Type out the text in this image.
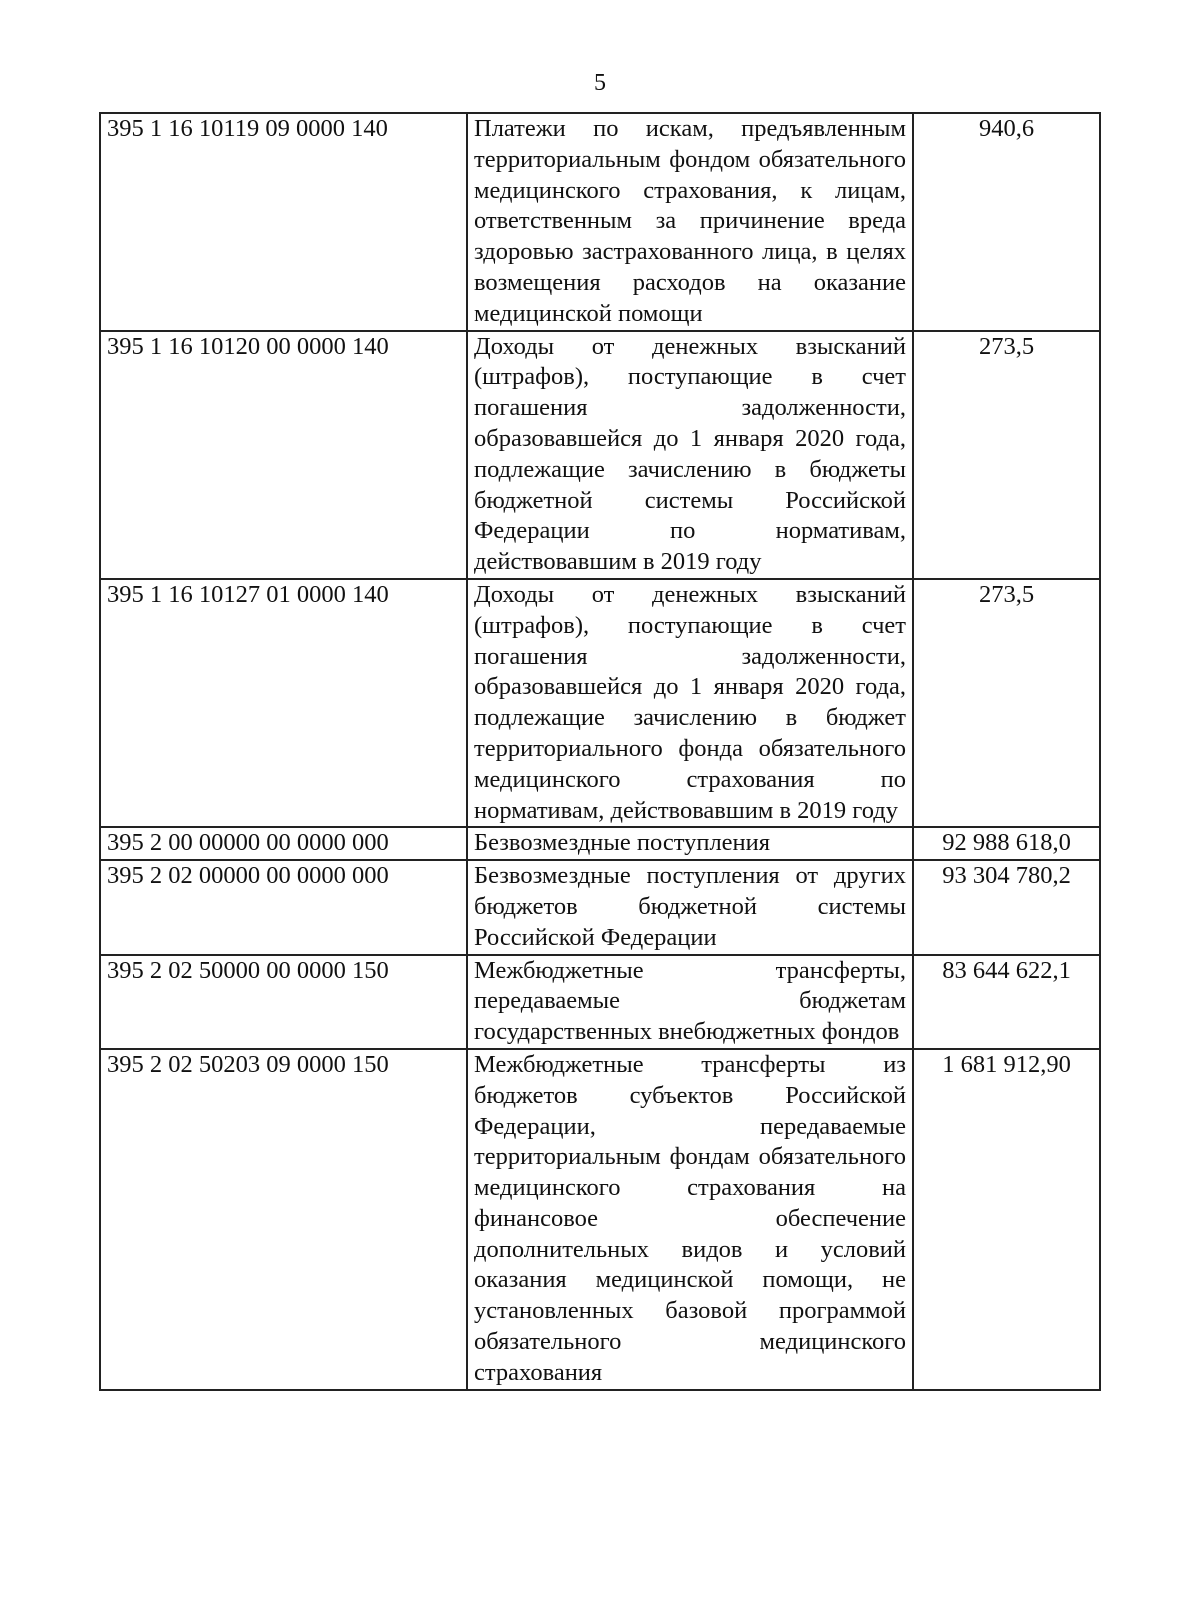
5
395 1 16 10119 09 0000 140	Платежи по искам, предъявленным территориальным фондом обязательного медицинского страхования, к лицам, ответственным за причинение вреда здоровью застрахованного лица, в целях возмещения расходов на оказание медицинской помощи	940,6
395 1 16 10120 00 0000 140	Доходы от денежных взысканий (штрафов), поступающие в счет погашения задолженности, образовавшейся до 1 января 2020 года, подлежащие зачислению в бюджеты бюджетной системы Российской Федерации по нормативам, действовавшим в 2019 году	273,5
395 1 16 10127 01 0000 140	Доходы от денежных взысканий (штрафов), поступающие в счет погашения задолженности, образовавшейся до 1 января 2020 года, подлежащие зачислению в бюджет территориального фонда обязательного медицинского страхования по нормативам, действовавшим в 2019 году	273,5
395 2 00 00000 00 0000 000	Безвозмездные поступления	92 988 618,0
395 2 02 00000 00 0000 000	Безвозмездные поступления от других бюджетов бюджетной системы Российской Федерации	93 304 780,2
395 2 02 50000 00 0000 150	Межбюджетные трансферты, передаваемые бюджетам государственных внебюджетных фондов	83 644 622,1
395 2 02 50203 09 0000 150	Межбюджетные трансферты из бюджетов субъектов Российской Федерации, передаваемые территориальным фондам обязательного медицинского страхования на финансовое обеспечение дополнительных видов и условий оказания медицинской помощи, не установленных базовой программой обязательного медицинского страхования	1 681 912,90
